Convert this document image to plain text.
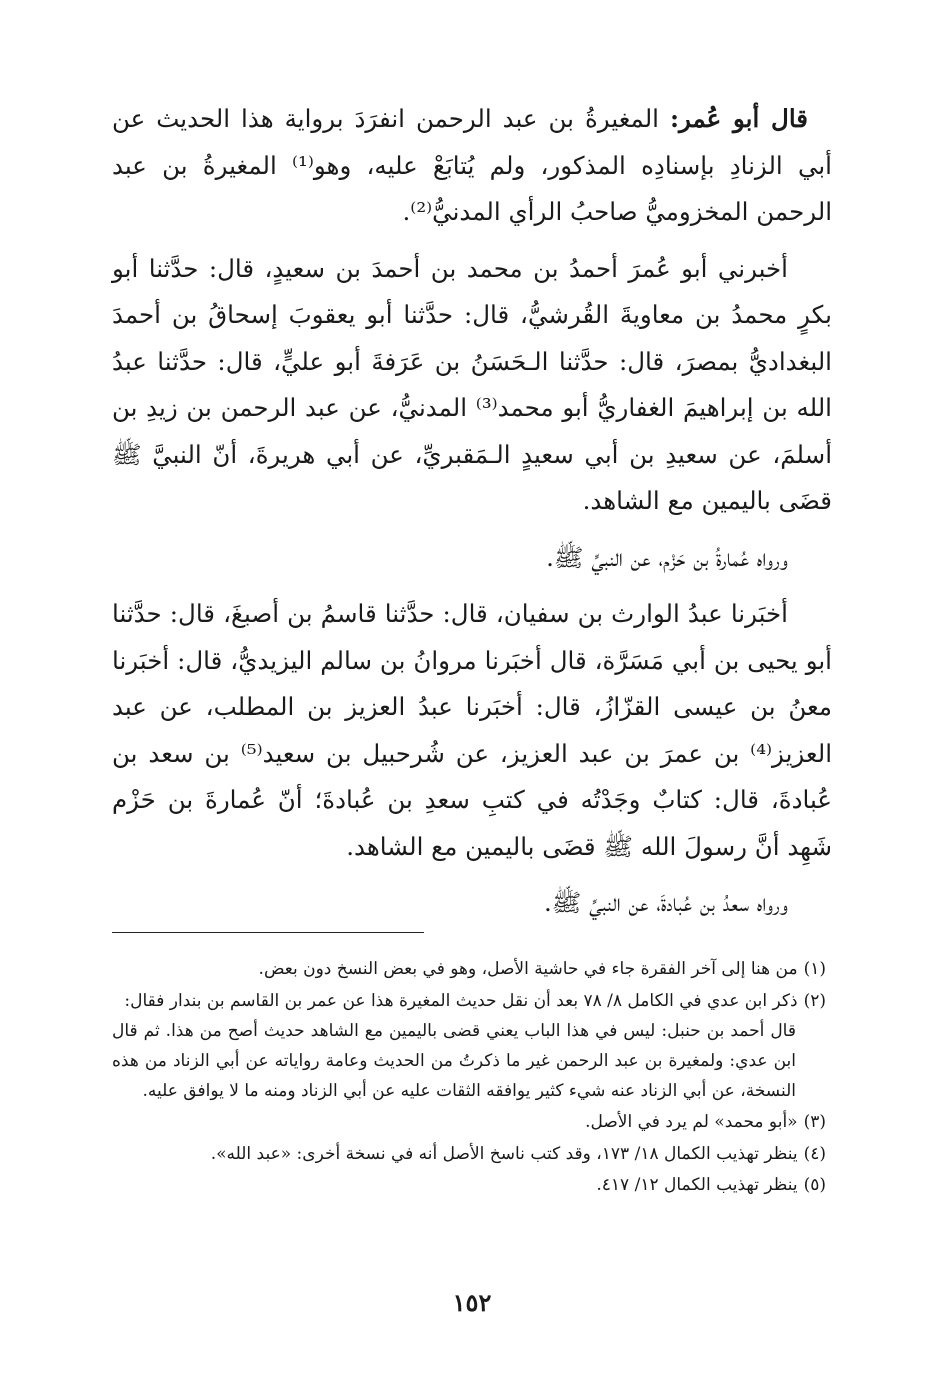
قال أبو عُمر: المغيرةُ بن عبد الرحمن انفرَدَ برواية هذا الحديث عن أبي الزنادِ بإسنادِه المذكور، ولم يُتابَعْ عليه، وهو⁽¹⁾ المغيرةُ بن عبد الرحمن المخزوميُّ صاحبُ الرأي المدنيُّ⁽²⁾.

أخبرني أبو عُمرَ أحمدُ بن محمد بن أحمدَ بن سعيدٍ، قال: حدَّثنا أبو بكرٍ محمدُ بن معاويةَ القُرشيُّ، قال: حدَّثنا أبو يعقوبَ إسحاقُ بن أحمدَ البغداديُّ بمصرَ، قال: حدَّثنا الـحَسَنُ بن عَرَفةَ أبو عليٍّ، قال: حدَّثنا عبدُ الله بن إبراهيمَ الغفاريُّ أبو محمد⁽³⁾ المدنيُّ، عن عبد الرحمن بن زيدِ بن أسلمَ، عن سعيدِ بن أبي سعيدٍ الـمَقبريِّ، عن أبي هريرةَ، أنّ النبيَّ ﷺ قضَى باليمين مع الشاهد.

ورواه عُمارةُ بن حَزْم، عن النبيِّ ﷺ.

أخبَرنا عبدُ الوارث بن سفيان، قال: حدَّثنا قاسمُ بن أصبغَ، قال: حدَّثنا أبو يحيى بن أبي مَسَرَّة، قال أخبَرنا مروانُ بن سالم اليزيديُّ، قال: أخبَرنا معنُ بن عيسى القزّازُ، قال: أخبَرنا عبدُ العزيز بن المطلب، عن عبد العزيز⁽⁴⁾ بن عمرَ بن عبد العزيز، عن شُرحبيل بن سعيد⁽⁵⁾ بن سعد بن عُبادةَ، قال: كتابٌ وجَدْتُه في كتبِ سعدِ بن عُبادةَ؛ أنّ عُمارةَ بن حَزْم شَهِد أنَّ رسولَ الله ﷺ قضَى باليمين مع الشاهد.

ورواه سعدُ بن عُبادةَ، عن النبيِّ ﷺ.

(١)من هنا إلى آخر الفقرة جاء في حاشية الأصل، وهو في بعض النسخ دون بعض.

(٢)ذكر ابن عدي في الكامل ٨/ ٧٨ بعد أن نقل حديث المغيرة هذا عن عمر بن القاسم بن بندار فقال:
قال أحمد بن حنبل: ليس في هذا الباب يعني قضى باليمين مع الشاهد حديث أصح من هذا. ثم قال ابن عدي: ولمغيرة بن عبد الرحمن غير ما ذكرتُ من الحديث وعامة رواياته عن أبي الزناد من هذه النسخة، عن أبي الزناد عنه شيء كثير يوافقه الثقات عليه عن أبي الزناد ومنه ما لا يوافق عليه.

(٣)«أبو محمد» لم يرد في الأصل.

(٤)ينظر تهذيب الكمال ١٨/ ١٧٣، وقد كتب ناسخ الأصل أنه في نسخة أخرى: «عبد الله».

(٥)ينظر تهذيب الكمال ١٢/ ٤١٧.

١٥٢
